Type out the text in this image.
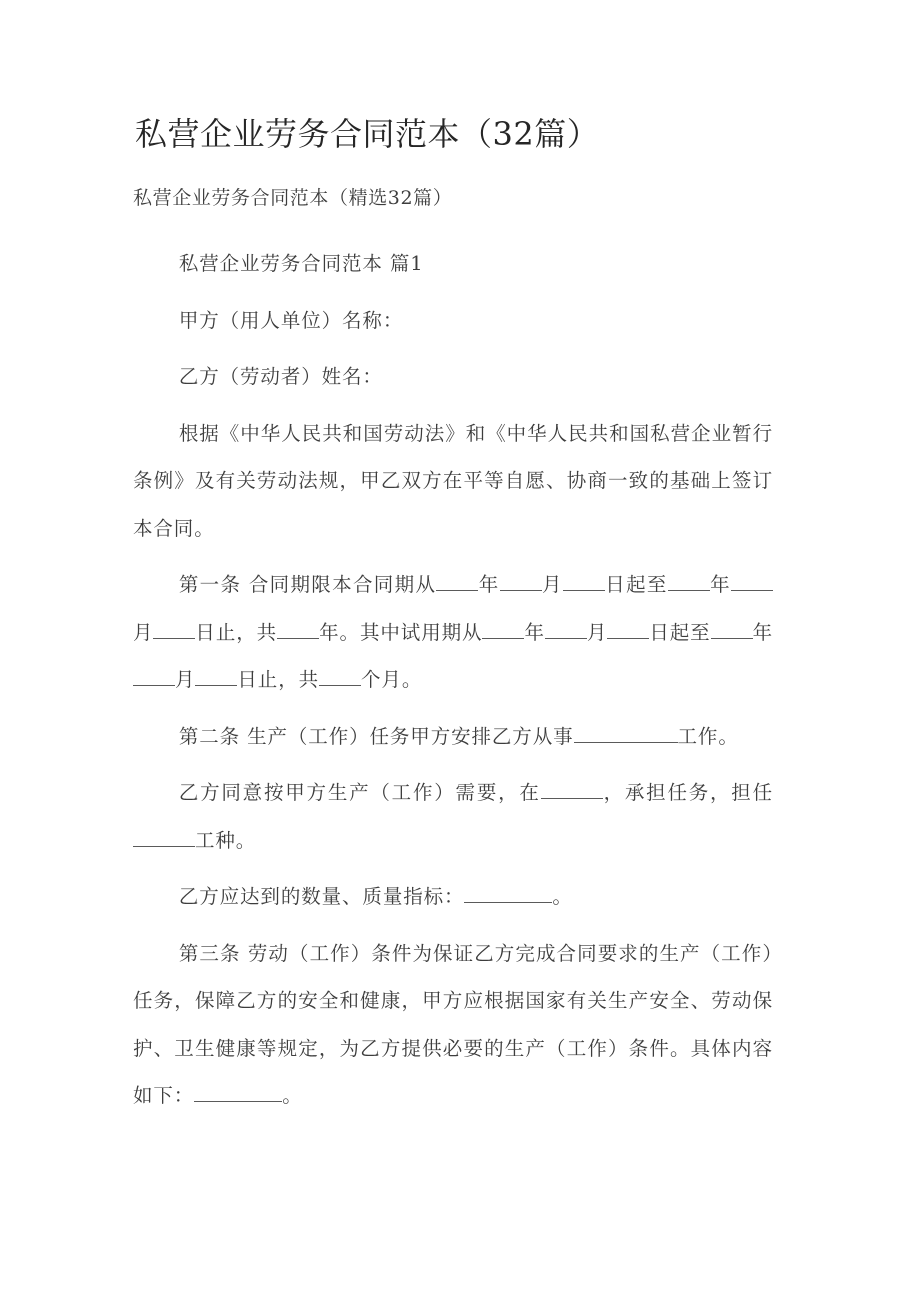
私营企业劳务合同范本（32篇）

私营企业劳务合同范本（精选32篇）

私营企业劳务合同范本 篇1

甲方（用人单位）名称：

乙方（劳动者）姓名：

根据《中华人民共和国劳动法》和《中华人民共和国私营企业暂行条例》及有关劳动法规，甲乙双方在平等自愿、协商一致的基础上签订本合同。

第一条 合同期限本合同期从 年 月 日起至 年月 日止，共 年。其中试用期从 年 月 日起至 年月 日止，共 个月。

第二条 生产（工作）任务甲方安排乙方从事	工作。

乙方同意按甲方生产（工作）需要，在	，承担任务，担任工种。

乙方应达到的数量、质量指标：	。

第三条 劳动（工作）条件为保证乙方完成合同要求的生产（工作）任务，保障乙方的安全和健康，甲方应根据国家有关生产安全、劳动保护、卫生健康等规定，为乙方提供必要的生产（工作）条件。具体内容如下：	。
